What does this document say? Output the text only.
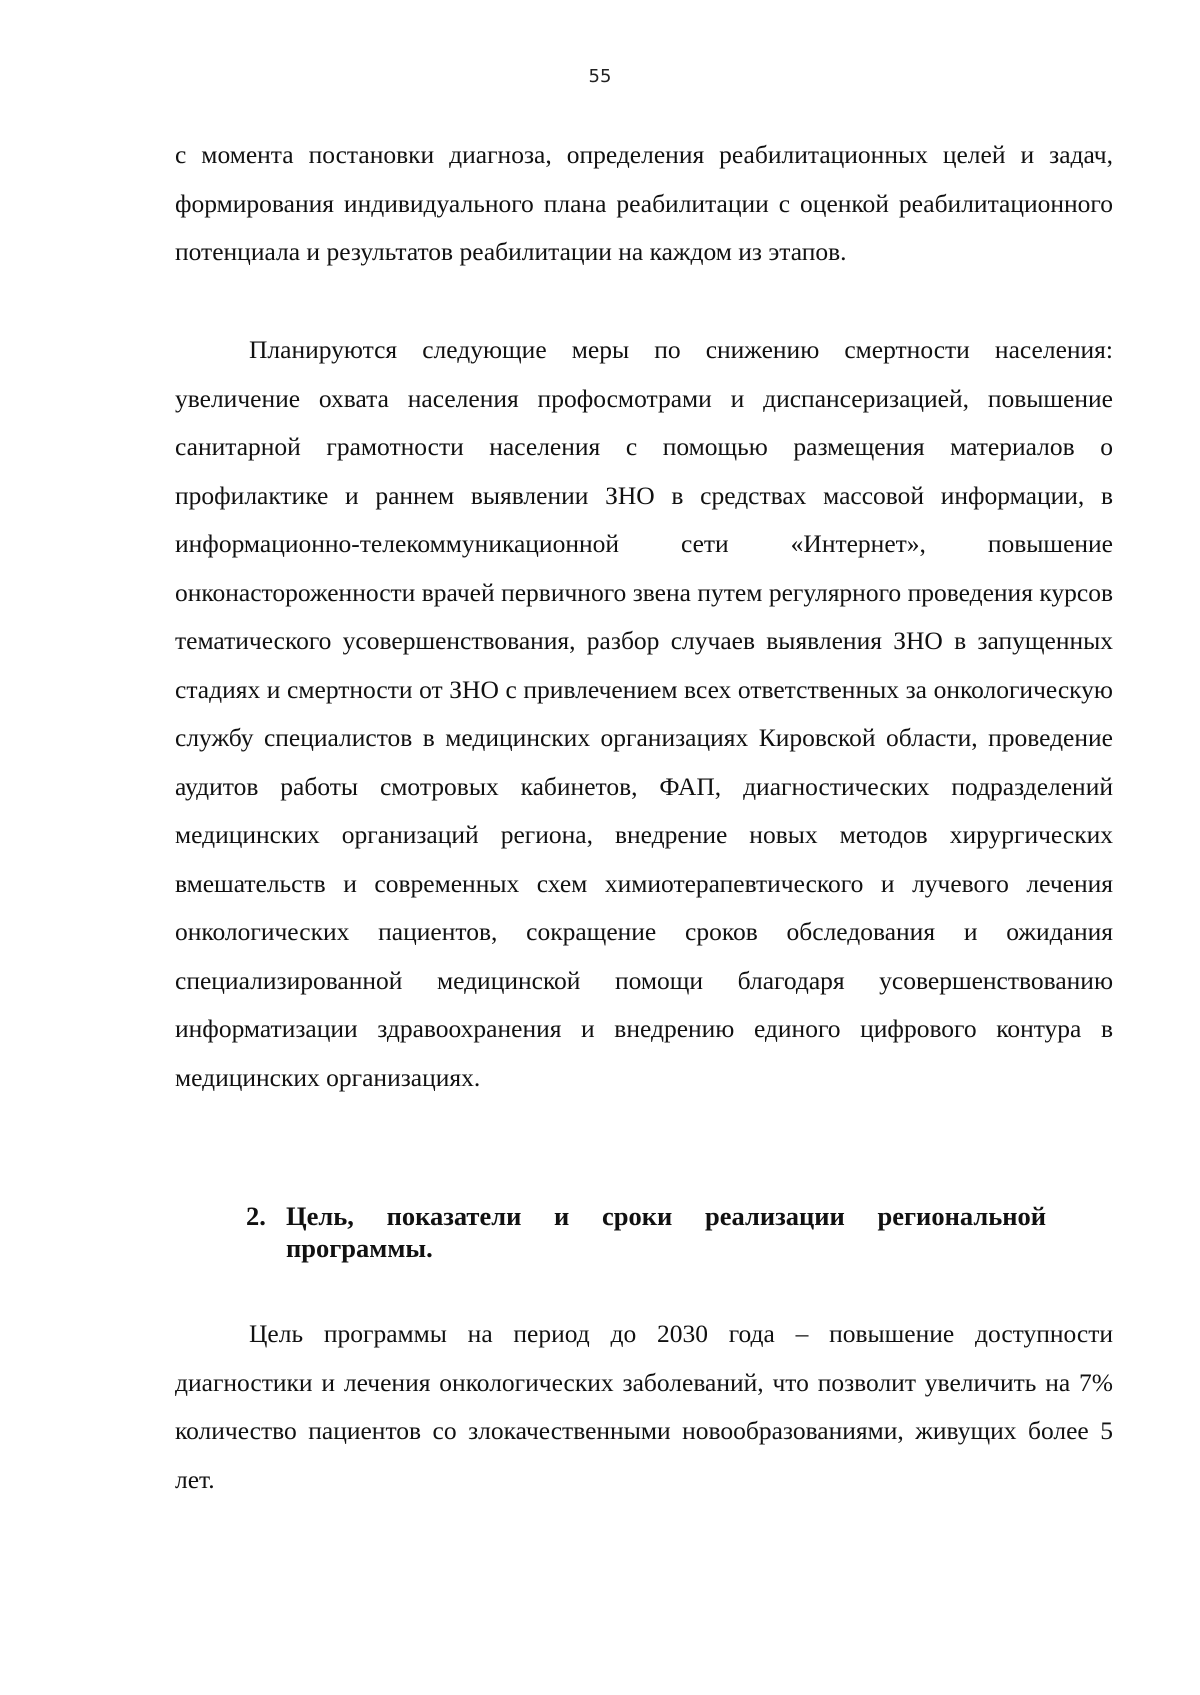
55

с момента постановки диагноза, определения реабилитационных целей и задач, формирования индивидуального плана реабилитации с оценкой реабилитационного потенциала и результатов реабилитации на каждом из этапов.

Планируются следующие меры по снижению смертности населения: увеличение охвата населения профосмотрами и диспансеризацией, повышение санитарной грамотности населения с помощью размещения материалов о профилактике и раннем выявлении ЗНО в средствах массовой информации, в информационно-телекоммуникационной сети «Интернет», повышение онконастороженности врачей первичного звена путем регулярного проведения курсов тематического усовершенствования, разбор случаев выявления ЗНО в запущенных стадиях и смертности от ЗНО с привлечением всех ответственных за онкологическую службу специалистов в медицинских организациях Кировской области, проведение аудитов работы смотровых кабинетов, ФАП, диагностических подразделений медицинских организаций региона, внедрение новых методов хирургических вмешательств и современных схем химиотерапевтического и лучевого лечения онкологических пациентов, сокращение сроков обследования и ожидания специализированной медицинской помощи благодаря усовершенствованию информатизации здравоохранения и внедрению единого цифрового контура в медицинских организациях.

2. Цель, показатели и сроки реализации региональной программы.

Цель программы на период до 2030 года – повышение доступности диагностики и лечения онкологических заболеваний, что позволит увеличить на 7% количество пациентов со злокачественными новообразованиями, живущих более 5 лет.
